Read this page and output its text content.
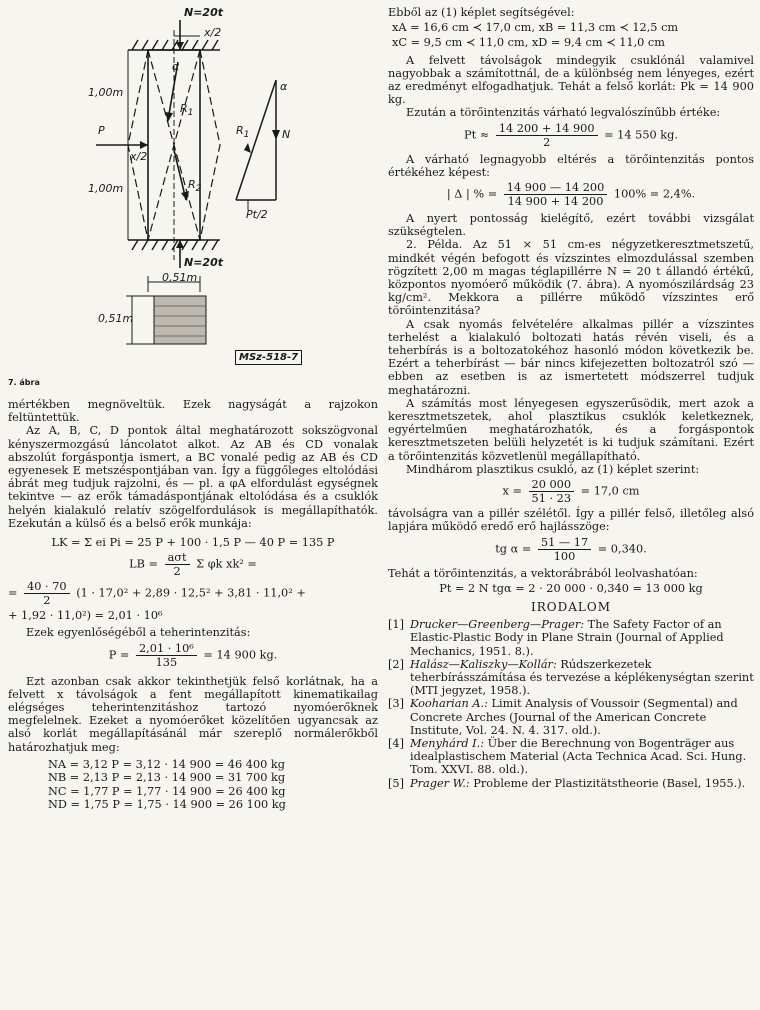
N=20t
x/2
α
α
1,00m
1,00m
P
x/2
$R_1$
$R_2$
$R_1$	N
Pt/2
N=20t
0,51m
0,51m
MSz-518-7
7. ábra

mértékben megnöveltük. Ezek nagyságát a rajzokon feltüntettük.

Az A, B, C, D pontok által meghatározott sokszögvonal kényszermozgású láncolatot alkot. Az AB és CD vonalak abszolút forgáspontja ismert, a BC vonalé pedig az AB és CD egyenesek E metszéspontjában van. Így a függőleges eltolódási ábrát meg tudjuk rajzolni, és — pl. a φA elfordulást egységnek tekintve — az erők támadáspontjának eltolódása és a csuklók helyén kialakuló relatív szögelfordulások is megállapíthatók. Ezekután a külső és a belső erők munkája:

LK = Σ ei Pi = 25 P + 100 · 1,5 P — 40 P = 135 P
LB = $\frac{\text{aσt}}{2}$ Σ φk xk² =
= $\frac{40 \cdot 70}{2} (1 \cdot 17,0^2 + 2,89 \cdot 12,5^2 + 3,81 \cdot 11,0^2$ +
+ 1,92 · 11,0²) = 2,01 · 10⁶

Ezek egyenlőségéből a teherintenzitás:

$P = \frac{\text{2,01 · 10⁶}}{135} = 14$ 900 kg.

Ezt azonban csak akkor tekinthetjük felső korlátnak, ha a felvett x távolságok a fent megállapított kinematikailag elégséges teherintenzitáshoz tartozó nyomóerőknek megfelelnek. Ezeket a nyomóerőket közelítően ugyancsak az alsó korlát megállapításánál már szereplő normálerőkből határozhatjuk meg:

NA = 3,12 P = 3,12 · 14 900 = 46 400 kg
NB = 2,13 P = 2,13 · 14 900 = 31 700 kg
NC = 1,77 P = 1,77 · 14 900 = 26 400 kg
ND = 1,75 P = 1,75 · 14 900 = 26 100 kg

Ebből az (1) képlet segítségével:

xA = 16,6 cm ≺ 17,0 cm, xB = 11,3 cm ≺ 12,5 cm
xC = 9,5 cm ≺ 11,0 cm, xD = 9,4 cm ≺ 11,0 cm

A felvett távolságok mindegyik csuklónál valamivel nagyobbak a számítottnál, de a különbség nem lényeges, ezért az eredményt elfogadhatjuk. Tehát a felső korlát: Pk = 14 900 kg.

Ezután a törőintenzitás várható legvalószínűbb értéke:

$Pt \approx \frac{14 200 + 14 900}{2} = 14$ 550 kg.

A várható legnagyobb eltérés a törőintenzitás pontos értékéhez képest:

| Δ | % = $\frac{14 900 — 14 200}{14 900 + 14 200} 100\% = 2,4\%$.

A nyert pontosság kielégítő, ezért további vizsgálat szükségtelen.

2. Példa. Az 51 × 51 cm-es négyzetkeresztmetszetű, mindkét végén befogott és vízszintes elmozdulással szemben rögzített 2,00 m magas téglapillérre N = 20 t állandó értékű, központos nyomóerő működik (7. ábra). A nyomószilárdság 23 kg/cm². Mekkora a pillérre működő vízszintes erő törőintenzitása?

A csak nyomás felvételére alkalmas pillér a vízszintes terhelést a kialakuló boltozati hatás révén viseli, és a teherbírás is a boltozatokéhoz hasonló módon következik be. Ezért a teherbírást — bár nincs kifejezetten boltozatról szó — ebben az esetben is az ismertetett módszerrel tudjuk meghatározni.

A számítás most lényegesen egyszerűsödik, mert azok a keresztmetszetek, ahol plasztikus csuklók keletkeznek, egyértelműen meghatározhatók, és a forgáspontok keresztmetszeten belüli helyzetét is ki tudjuk számítani. Ezért a törőintenzitás közvetlenül megállapítható.

Mindhárom plasztikus csukló, az (1) képlet szerint:

$x = \frac{20 000}{51 \cdot 23} = 17,0$ cm

távolságra van a pillér szélétől. Így a pillér felső, illetőleg alsó lapjára működő eredő erő hajlásszöge:

tg $\alpha = \frac{51 — 17}{100} = 0,340$.

Tehát a törőintenzitás, a vektorábrából leolvashatóan:

Pt = 2 N tgα = 2 · 20 000 · 0,340 = 13 000 kg
IRODALOM
[1] Drucker—Greenberg—Prager: The Safety Factor of an Elastic-Plastic Body in Plane Strain (Journal of Applied Mechanics, 1951. 8.).
[2] Halász—Kaliszky—Kollár: Rúdszerkezetek teherbírásszámítása és tervezése a képlékenységtan szerint (MTI jegyzet, 1958.).
[3] Kooharian A.: Limit Analysis of Voussoir (Segmental) and Concrete Arches (Journal of the American Concrete Institute, Vol. 24. N. 4. 317. old.).
[4] Menyhárd I.: Über die Berechnung von Bogenträger aus idealplastischem Material (Acta Technica Acad. Sci. Hung. Tom. XXVI. 88. old.).
[5] Prager W.: Probleme der Plastizitätstheorie (Basel, 1955.).
